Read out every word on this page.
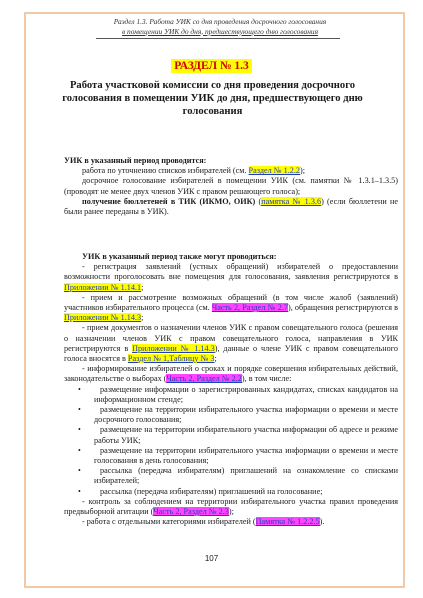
Раздел 1.3. Работа УИК со дня проведения досрочного голосования
в помещении УИК до дня, предшествующего дню голосования
РАЗДЕЛ № 1.3
Работа участковой комиссии со дня проведения досрочного голосования в помещении УИК до дня, предшествующего дню голосования

УИК в указанный период проводится:

работа по уточнению списков избирателей (см. Раздел № 1.2.2);

досрочное голосование избирателей в помещении УИК (см. памятки № 1.3.1–1.3.5) (проводят не менее двух членов УИК с правом решающего голоса);

получение бюллетеней в ТИК (ИКМО, ОИК) (памятка № 1.3.6) (если бюллетени не были ранее переданы в УИК).

УИК в указанный период также могут проводиться:

- регистрация заявлений (устных обращений) избирателей о предоставлении возможности проголосовать вне помещения для голосования, заявления регистрируются в Приложении № 1.14.1;

- прием и рассмотрение возможных обращений (в том числе жалоб (заявлений) участников избирательного процесса (см. Часть 2, Раздел № 2.7), обращения регистрируются в Приложении № 1.14.3;

- прием документов о назначении членов УИК с правом совещательного голоса (решения о назначении членов УИК с правом совещательного голоса, направления в УИК регистрируются в Приложении № 1.14.3), данные о члене УИК с правом совещательного голоса вносятся в Раздел № 1,Таблицу № 3;

- информирование избирателей о сроках и порядке совершения избирательных действий, законодательстве о выборах (Часть 2, Раздел № 2.2), в том числе:

• размещение информации о зарегистрированных кандидатах, списках кандидатов на информационном стенде;

• размещение на территории избирательного участка информации о времени и месте досрочного голосования;

• размещение на территории избирательного участка информации об адресе и режиме работы УИК;

• размещение на территории избирательного участка информации о времени и месте голосования в день голосования;

• рассылка (передача избирателям) приглашений на ознакомление со списками избирателей;

• рассылка (передача избирателям) приглашений на голосование;

- контроль за соблюдением на территории избирательного участка правил проведения предвыборной агитации (Часть 2, Раздел № 2.3);

- работа с отдельными категориями избирателей (Памятка № 1.2.2.5).

107
